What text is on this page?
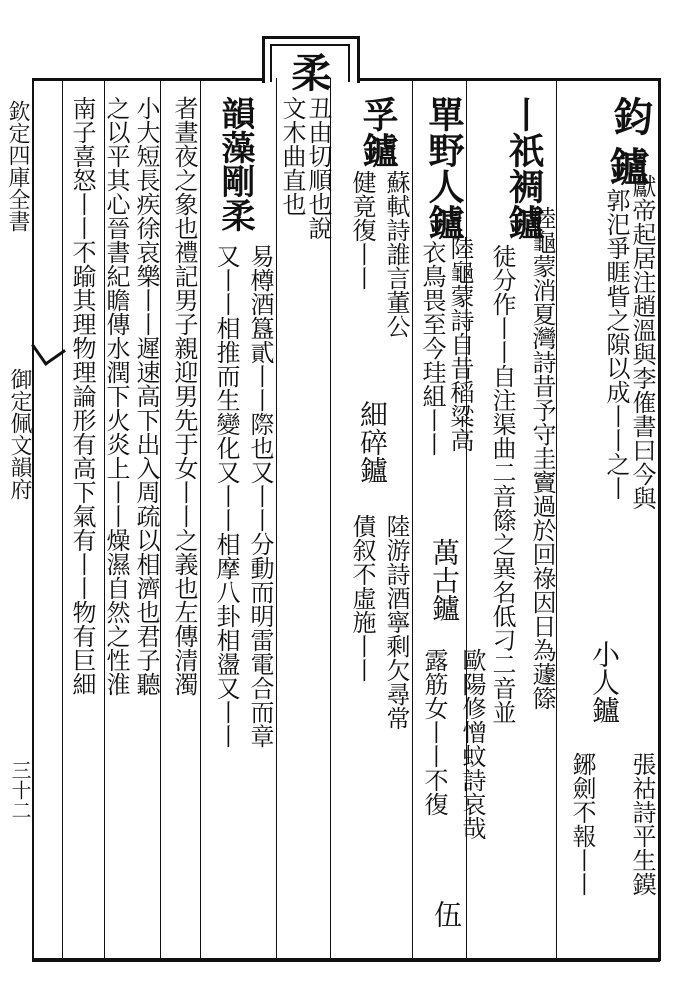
柔
欽定四庫全書
御定佩文韻府
三十二
鈞
鑪
獻帝起居注趙溫與李傕書曰今與
郭汜爭睚眥之隙以成丨丨之丨
小人鑪
張祜詩平生鏌
鋣劍不報丨丨
丨祇裯鑪
陸龜蒙消夏灣詩昔予守圭竇過於回祿因日為蘧篨
徒分作丨丨自注渠曲二音篨之異名低刁二音並
單野人鑪
陸龜蒙詩自昔稻粱高
衣鳥畏至今珪組丨丨
萬古鑪
歐陽修憎蚊詩哀哉
露筋女丨丨不復
伍
孚鑪
蘇軾詩誰言董公
健竟復丨丨
細碎鑪
陸游詩酒寧剩欠尋常
債叙不虛施丨丨
丑由切順也說
文木曲直也
韻藻剛柔
易樽酒簋貳丨丨際也又丨丨分動而明雷電合而章
又丨丨相推而生變化又丨丨相摩八卦相盪又丨丨
者晝夜之象也禮記男子親迎男先于女丨丨之義也左傳清濁
小大短長疾徐哀樂丨丨遲速高下出入周疏以相濟也君子聽
之以平其心晉書紀瞻傳水潤下火炎上丨丨燥濕自然之性淮
南子喜怒丨丨不踰其理物理論形有高下氣有丨丨物有巨細
